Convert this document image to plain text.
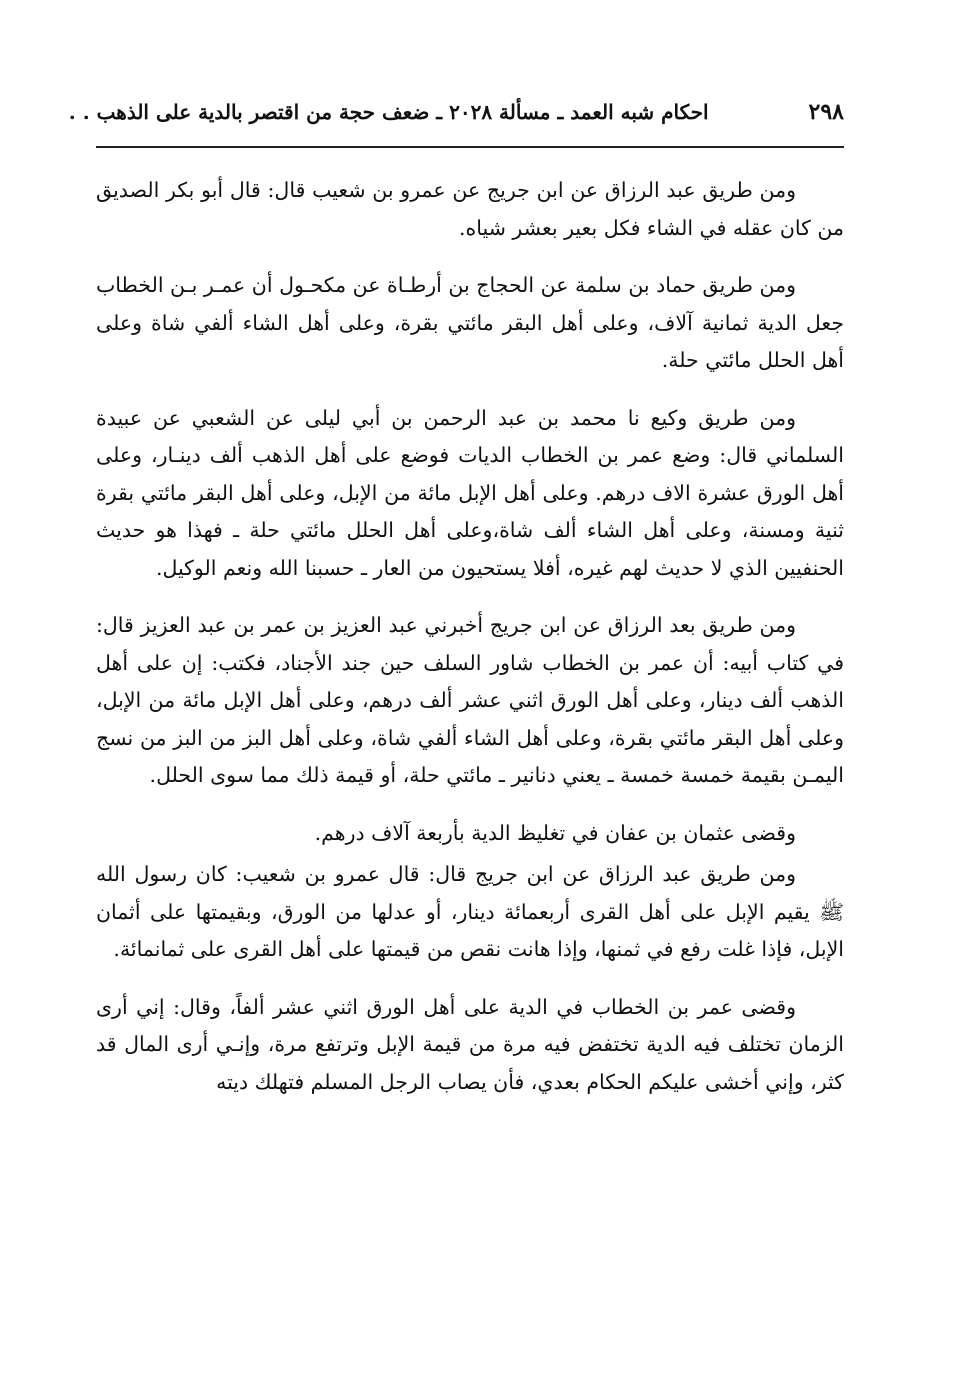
٢٩٨
احكام شبه العمد ـ مسألة ٢٠٢٨ ـ ضعف حجة من اقتصر بالدية على الذهب . .

ومن طريق عبد الرزاق عن ابن جريج عن عمرو بن شعيب قال: قال أبو بكر الصديق من كان عقله في الشاء فكل بعير بعشر شياه.

ومن طريق حماد بن سلمة عن الحجاج بن أرطـاة عن مكحـول أن عمـر بـن الخطاب جعل الدية ثمانية آلاف، وعلى أهل البقر مائتي بقرة، وعلى أهل الشاء ألفي شاة وعلى أهل الحلل مائتي حلة.

ومن طريق وكيع نا محمد بن عبد الرحمن بن أبي ليلى عن الشعبي عن عبيدة السلماني قال: وضع عمر بن الخطاب الديات فوضع على أهل الذهب ألف دينـار، وعلى أهل الورق عشرة الاف درهم. وعلى أهل الإبل مائة من الإبل، وعلى أهل البقر مائتي بقرة ثنية ومسنة، وعلى أهل الشاء ألف شاة،وعلى أهل الحلل مائتي حلة ـ فهذا هو حديث الحنفيين الذي لا حديث لهم غيره، أفلا يستحيون من العار ـ حسبنا الله ونعم الوكيل.

ومن طريق بعد الرزاق عن ابن جريج أخبرني عبد العزيز بن عمر بن عبد العزيز قال: في كتاب أبيه: أن عمر بن الخطاب شاور السلف حين جند الأجناد، فكتب: إن على أهل الذهب ألف دينار، وعلى أهل الورق اثني عشر ألف درهم، وعلى أهل الإبل مائة من الإبل، وعلى أهل البقر مائتي بقرة، وعلى أهل الشاء ألفي شاة، وعلى أهل البز من البز من نسج اليمـن بقيمة خمسة خمسة ـ يعني دنانير ـ مائتي حلة، أو قيمة ذلك مما سوى الحلل.

وقضى عثمان بن عفان في تغليظ الدية بأربعة آلاف درهم.

ومن طريق عبد الرزاق عن ابن جريج قال: قال عمرو بن شعيب: كان رسول الله ﷺ يقيم الإبل على أهل القرى أربعمائة دينار، أو عدلها من الورق، وبقيمتها على أثمان الإبل، فإذا غلت رفع في ثمنها، وإذا هانت نقص من قيمتها على أهل القرى على ثمانمائة.

وقضى عمر بن الخطاب في الدية على أهل الورق اثني عشر ألفاً، وقال: إني أرى الزمان تختلف فيه الدية تختفض فيه مرة من قيمة الإبل وترتفع مرة، وإنـي أرى المال قد كثر، وإني أخشى عليكم الحكام بعدي، فأن يصاب الرجل المسلم فتهلك ديته
